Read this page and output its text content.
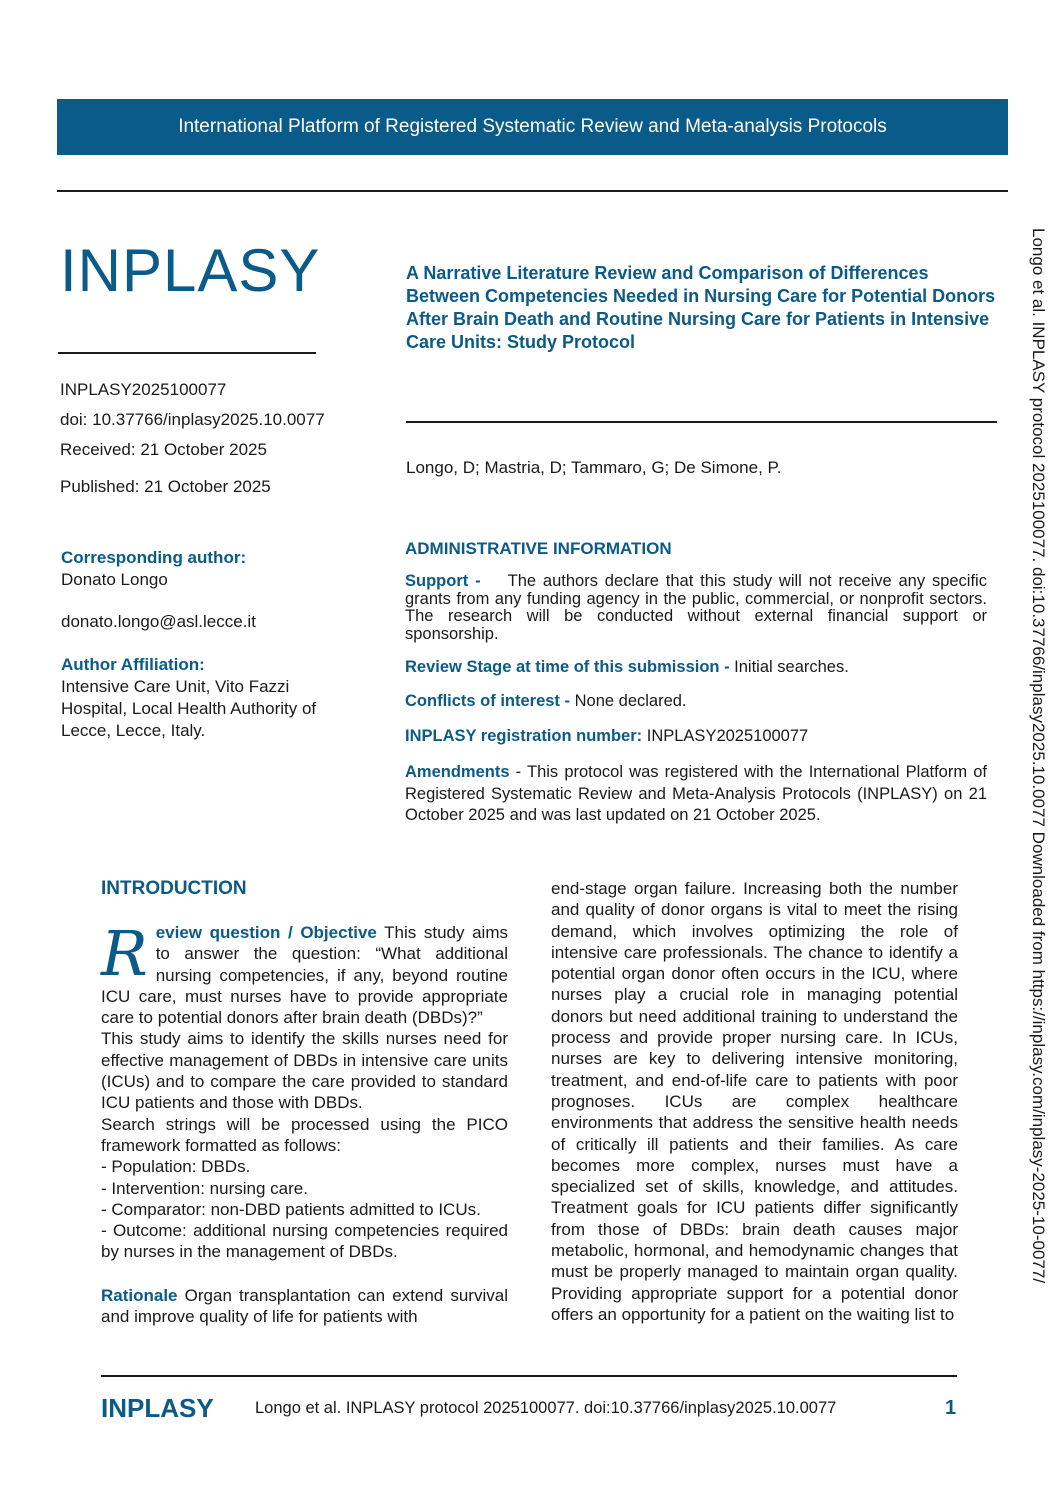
International Platform of Registered Systematic Review and Meta-analysis Protocols
INPLASY
INPLASY2025100077
doi: 10.37766/inplasy2025.10.0077
Received: 21 October 2025
Published: 21 October 2025
A Narrative Literature Review and Comparison of Differences Between Competencies Needed in Nursing Care for Potential Donors After Brain Death and Routine Nursing Care for Patients in Intensive Care Units: Study Protocol
Longo, D; Mastria, D; Tammaro, G; De Simone, P.
Corresponding author:
Donato Longo
donato.longo@asl.lecce.it
Author Affiliation:
Intensive Care Unit, Vito Fazzi Hospital, Local Health Authority of Lecce, Lecce, Italy.
ADMINISTRATIVE INFORMATION
Support - The authors declare that this study will not receive any specific grants from any funding agency in the public, commercial, or nonprofit sectors. The research will be conducted without external financial support or sponsorship.
Review Stage at time of this submission - Initial searches.
Conflicts of interest - None declared.
INPLASY registration number: INPLASY2025100077
Amendments - This protocol was registered with the International Platform of Registered Systematic Review and Meta-Analysis Protocols (INPLASY) on 21 October 2025 and was last updated on 21 October 2025.
INTRODUCTION
R eview question / Objective This study aims to answer the question: “What additional nursing competencies, if any, beyond routine ICU care, must nurses have to provide appropriate care to potential donors after brain death (DBDs)?”
This study aims to identify the skills nurses need for effective management of DBDs in intensive care units (ICUs) and to compare the care provided to standard ICU patients and those with DBDs.
Search strings will be processed using the PICO framework formatted as follows:
- Population: DBDs.
- Intervention: nursing care.
- Comparator: non-DBD patients admitted to ICUs.
- Outcome: additional nursing competencies required by nurses in the management of DBDs.
Rationale Organ transplantation can extend survival and improve quality of life for patients with
end-stage organ failure. Increasing both the number and quality of donor organs is vital to meet the rising demand, which involves optimizing the role of intensive care professionals. The chance to identify a potential organ donor often occurs in the ICU, where nurses play a crucial role in managing potential donors but need additional training to understand the process and provide proper nursing care. In ICUs, nurses are key to delivering intensive monitoring, treatment, and end-of-life care to patients with poor prognoses. ICUs are complex healthcare environments that address the sensitive health needs of critically ill patients and their families. As care becomes more complex, nurses must have a specialized set of skills, knowledge, and attitudes. Treatment goals for ICU patients differ significantly from those of DBDs: brain death causes major metabolic, hormonal, and hemodynamic changes that must be properly managed to maintain organ quality. Providing appropriate support for a potential donor offers an opportunity for a patient on the waiting list to
Longo et al. INPLASY protocol 2025100077. doi:10.37766/inplasy2025.10.0077 Downloaded from https://inplasy.com/inplasy-2025-10-0077/
INPLASY	Longo et al. INPLASY protocol 2025100077. doi:10.37766/inplasy2025.10.0077	1
